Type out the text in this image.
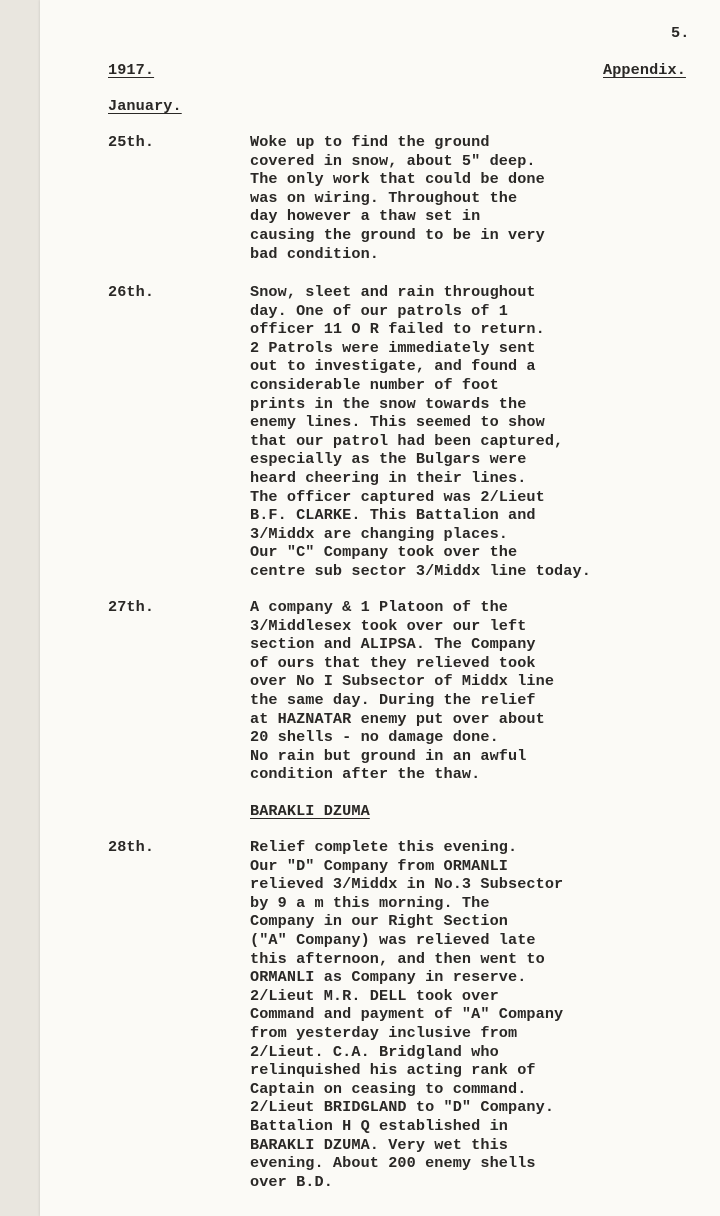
5.
1917.	Appendix.
January.
25th.	Woke up to find the ground
covered in snow, about 5" deep.
The only work that could be done
was on wiring. Throughout the
day however a thaw set in
causing the ground to be in very
bad condition.
26th.	Snow, sleet and rain throughout
day. One of our patrols of 1
officer 11 O R failed to return.
2 Patrols were immediately sent
out to investigate, and found a
considerable number of foot
prints in the snow towards the
enemy lines. This seemed to show
that our patrol had been captured,
especially as the Bulgars were
heard cheering in their lines.
The officer captured was 2/Lieut
B.F. CLARKE. This Battalion and
3/Middx are changing places.
Our "C" Company took over the
centre sub sector 3/Middx line today.
27th.	A company & 1 Platoon of the
3/Middlesex took over our left
section and ALIPSA. The Company
of ours that they relieved took
over No I Subsector of Middx line
the same day. During the relief
at HAZNATAR enemy put over about
20 shells - no damage done.
No rain but ground in an awful
condition after the thaw.
BARAKLI DZUMA
28th.	Relief complete this evening.
Our "D" Company from ORMANLI
relieved 3/Middx in No.3 Subsector
by 9 a m this morning. The
Company in our Right Section
("A" Company) was relieved late
this afternoon, and then went to
ORMANLI as Company in reserve.
2/Lieut M.R. DELL took over
Command and payment of "A" Company
from yesterday inclusive from
2/Lieut. C.A. Bridgland who
relinquished his acting rank of
Captain on ceasing to command.
2/Lieut BRIDGLAND to "D" Company.
Battalion H Q established in
BARAKLI DZUMA. Very wet this
evening. About 200 enemy shells
over B.D.
